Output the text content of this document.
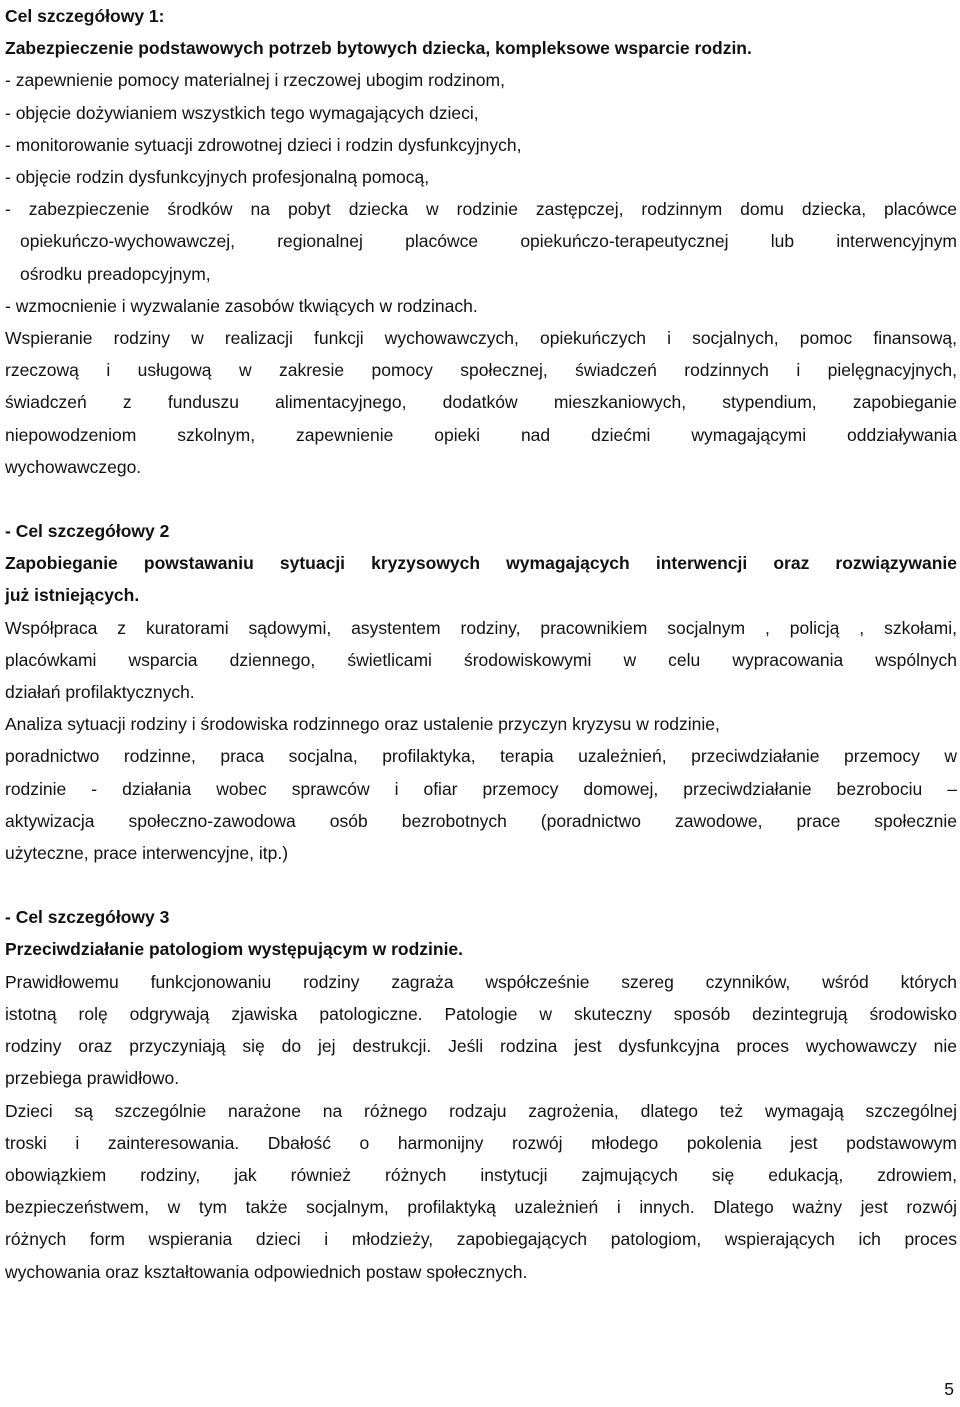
Cel szczegółowy 1:

Zabezpieczenie podstawowych potrzeb bytowych dziecka, kompleksowe wsparcie rodzin.

- zapewnienie pomocy materialnej i rzeczowej ubogim rodzinom,

- objęcie dożywianiem wszystkich tego wymagających dzieci,

- monitorowanie sytuacji zdrowotnej dzieci i rodzin dysfunkcyjnych,

- objęcie rodzin dysfunkcyjnych profesjonalną pomocą,

- zabezpieczenie środków na pobyt dziecka w rodzinie zastępczej, rodzinnym domu dziecka, placówce

opiekuńczo-wychowawczej, regionalnej placówce opiekuńczo-terapeutycznej lub interwencyjnym

ośrodku preadopcyjnym,

- wzmocnienie i wyzwalanie zasobów tkwiących w rodzinach.

Wspieranie rodziny w realizacji funkcji wychowawczych, opiekuńczych i socjalnych, pomoc finansową,

rzeczową i usługową w zakresie pomocy społecznej, świadczeń rodzinnych i pielęgnacyjnych,

świadczeń z funduszu alimentacyjnego, dodatków mieszkaniowych, stypendium, zapobieganie

niepowodzeniom szkolnym, zapewnienie opieki nad dziećmi wymagającymi oddziaływania

wychowawczego.

- Cel szczegółowy 2

Zapobieganie powstawaniu sytuacji kryzysowych wymagających interwencji oraz rozwiązywanie

już istniejących.

Współpraca z kuratorami sądowymi, asystentem rodziny, pracownikiem socjalnym , policją , szkołami,

placówkami wsparcia dziennego, świetlicami środowiskowymi w celu wypracowania wspólnych

działań profilaktycznych.

Analiza sytuacji rodziny i środowiska rodzinnego oraz ustalenie przyczyn kryzysu w rodzinie,

poradnictwo rodzinne, praca socjalna, profilaktyka, terapia uzależnień, przeciwdziałanie przemocy w

rodzinie - działania wobec sprawców i ofiar przemocy domowej, przeciwdziałanie bezrobociu –

aktywizacja społeczno-zawodowa osób bezrobotnych (poradnictwo zawodowe, prace społecznie

użyteczne, prace interwencyjne, itp.)

- Cel szczegółowy 3

Przeciwdziałanie patologiom występującym w rodzinie.

Prawidłowemu funkcjonowaniu rodziny zagraża współcześnie szereg czynników, wśród których

istotną rolę odgrywają zjawiska patologiczne. Patologie w skuteczny sposób dezintegrują środowisko

rodziny oraz przyczyniają się do jej destrukcji. Jeśli rodzina jest dysfunkcyjna proces wychowawczy nie

przebiega prawidłowo.

Dzieci są szczególnie narażone na różnego rodzaju zagrożenia, dlatego też wymagają szczególnej

troski i zainteresowania. Dbałość o harmonijny rozwój młodego pokolenia jest podstawowym

obowiązkiem rodziny, jak również różnych instytucji zajmujących się edukacją, zdrowiem,

bezpieczeństwem, w tym także socjalnym, profilaktyką uzależnień i innych. Dlatego ważny jest rozwój

różnych form wspierania dzieci i młodzieży, zapobiegających patologiom, wspierających ich proces

wychowania oraz kształtowania odpowiednich postaw społecznych.

5
